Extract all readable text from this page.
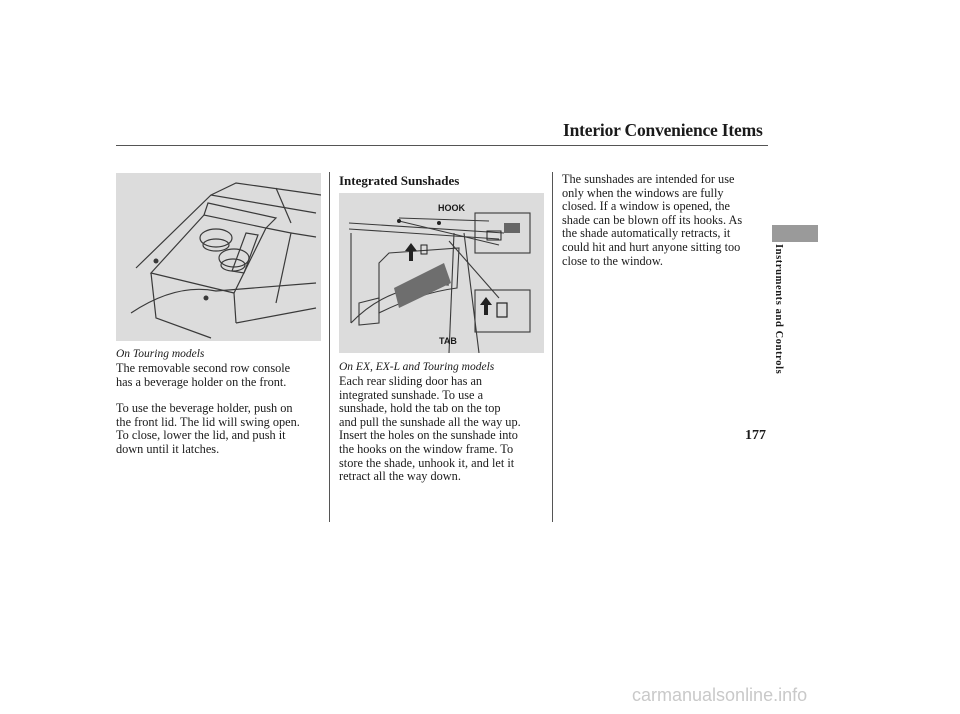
Interior Convenience Items
Instruments and Controls
On Touring models

The removable second row console
has a beverage holder on the front.

To use the beverage holder, push on
the front lid. The lid will swing open.
To close, lower the lid, and push it
down until it latches.

Integrated Sunshades
HOOK
TAB
On EX, EX-L and Touring models

Each rear sliding door has an
integrated sunshade. To use a
sunshade, hold the tab on the top
and pull the sunshade all the way up.
Insert the holes on the sunshade into
the hooks on the window frame. To
store the shade, unhook it, and let it
retract all the way down.

The sunshades are intended for use
only when the windows are fully
closed. If a window is opened, the
shade can be blown off its hooks. As
the shade automatically retracts, it
could hit and hurt anyone sitting too
close to the window.

177
carmanualsonline.info
